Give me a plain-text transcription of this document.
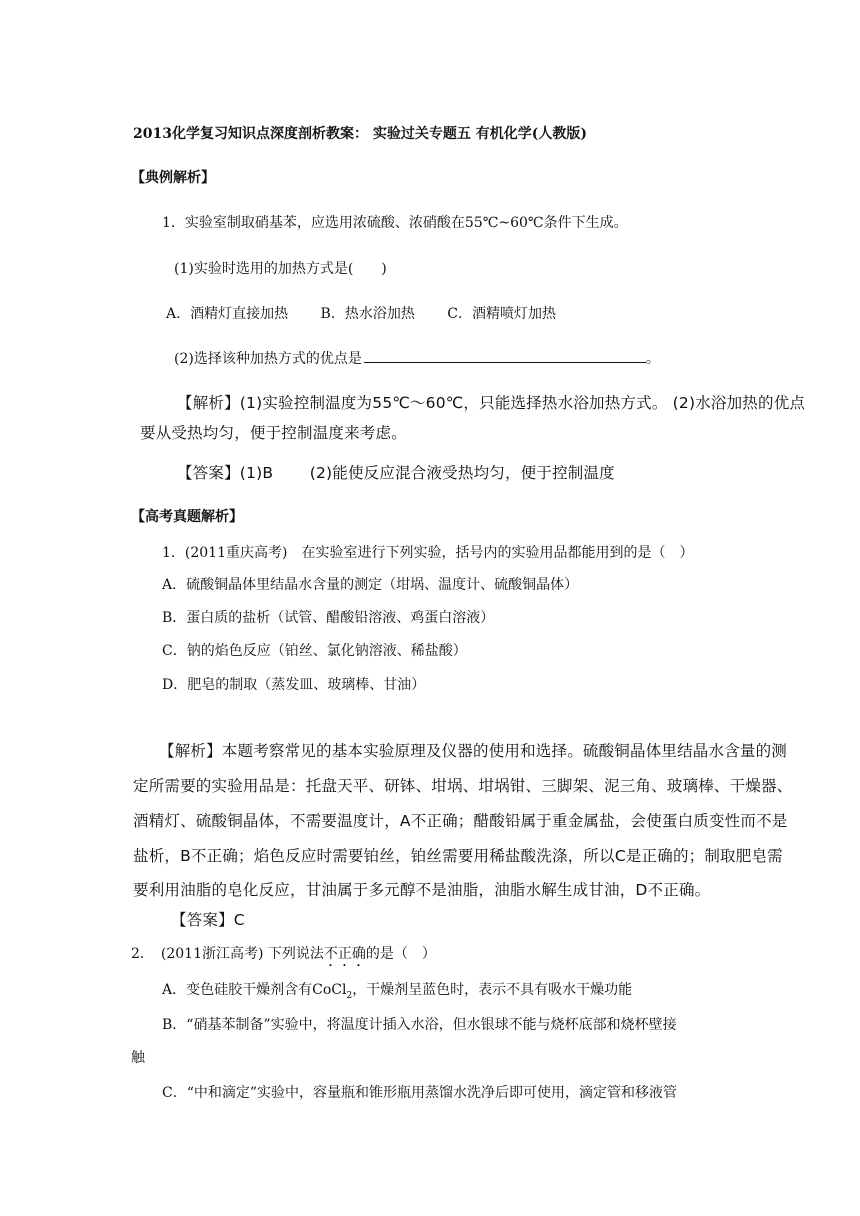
2013化学复习知识点深度剖析教案： 实验过关专题五 有机化学(人教版)
【典例解析】
1．实验室制取硝基苯，应选用浓硫酸、浓硝酸在55℃~60℃条件下生成。
(1)实验时选用的加热方式是(　　)
A．酒精灯直接加热　　 B．热水浴加热　　 C．酒精喷灯加热
(2)选择该种加热方式的优点是	。
【解析】(1)实验控制温度为55℃～60℃，只能选择热水浴加热方式。 (2)水浴加热的优点
要从受热均匀，便于控制温度来考虑。
【答案】(1)B　　 (2)能使反应混合液受热均匀，便于控制温度
【高考真题解析】
1．(2011重庆高考)　在实验室进行下列实验，括号内的实验用品都能用到的是（　）
A．硫酸铜晶体里结晶水含量的测定（坩埚、温度计、硫酸铜晶体）
B．蛋白质的盐析（试管、醋酸铅溶液、鸡蛋白溶液）
C．钠的焰色反应（铂丝、氯化钠溶液、稀盐酸）
D．肥皂的制取（蒸发皿、玻璃棒、甘油）
【解析】本题考察常见的基本实验原理及仪器的使用和选择。硫酸铜晶体里结晶水含量的测
定所需要的实验用品是：托盘天平、研钵、坩埚、坩埚钳、三脚架、泥三角、玻璃棒、干燥器、
酒精灯、硫酸铜晶体，不需要温度计，A不正确；醋酸铅属于重金属盐，会使蛋白质变性而不是
盐析，B不正确；焰色反应时需要铂丝，铂丝需要用稀盐酸洗涤，所以C是正确的；制取肥皂需
要利用油脂的皂化反应，甘油属于多元醇不是油脂，油脂水解生成甘油，D不正确。
【答案】C
2．　(2011浙江高考) 下列说法不正确的是（　）
A．变色硅胶干燥剂含有CoCl$_2$，干燥剂呈蓝色时，表示不具有吸水干燥功能
B．“硝基苯制备”实验中，将温度计插入水浴，但水银球不能与烧杯底部和烧杯壁接
触
C．“中和滴定”实验中，容量瓶和锥形瓶用蒸馏水洗净后即可使用，滴定管和移液管
